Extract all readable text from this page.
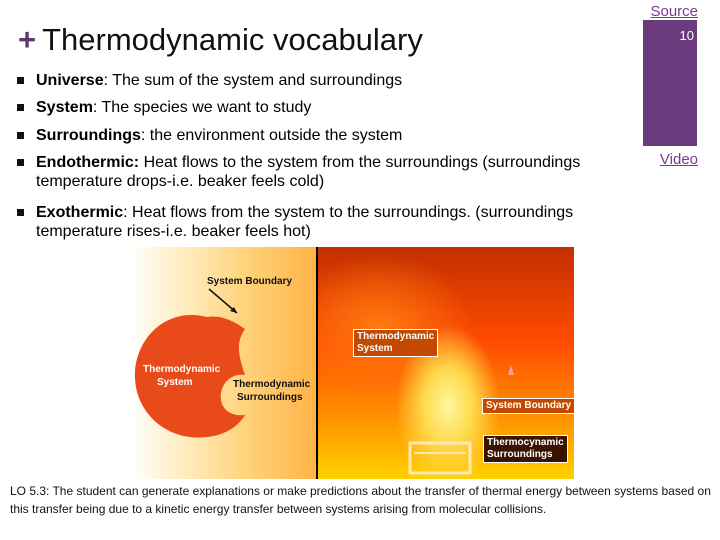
+ Thermodynamic vocabulary
Source
10
Video
Universe: The sum of the system and surroundings
System: The species we want to study
Surroundings: the environment outside the system
Endothermic: Heat flows to the system from the surroundings (surroundings temperature drops-i.e. beaker feels cold)
Exothermic: Heat flows from the system to the surroundings. (surroundings temperature rises-i.e. beaker feels hot)
System Boundary
Thermodynamic
System	Thermodynamic
Surroundings
Thermodynamic
System
System Boundary
Thermocynamic
Surroundings
LO 5.3: The student can generate explanations or make predictions about the transfer of thermal energy between systems based on this transfer being due to a kinetic energy transfer between systems arising from molecular collisions.
